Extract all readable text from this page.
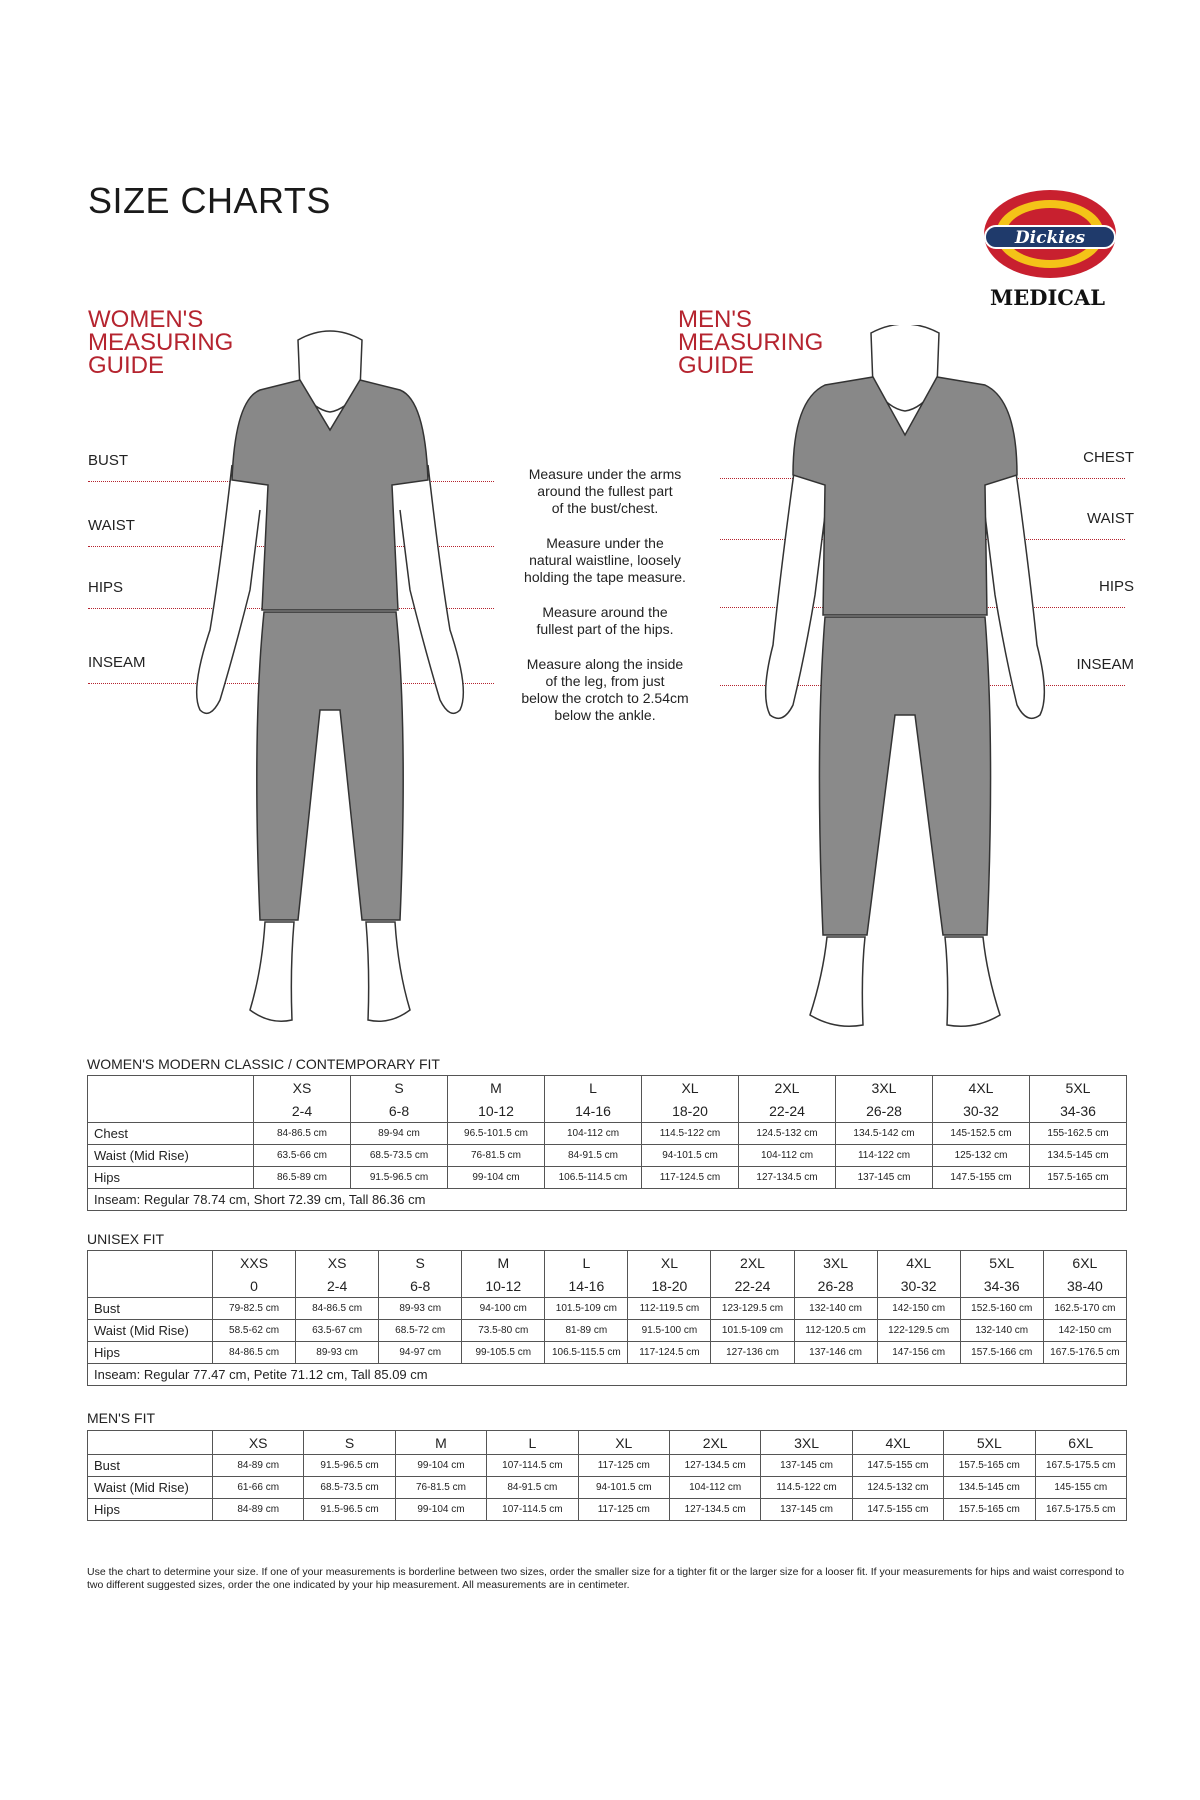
SIZE CHARTS
Dickies
MEDICAL
WOMEN'S
MEASURING
GUIDE
MEN'S
MEASURING
GUIDE
BUST
WAIST
HIPS
INSEAM
CHEST
WAIST
HIPS
INSEAM
Measure under the arms
around the fullest part
of the bust/chest.
Measure under the
natural waistline, loosely
holding the tape measure.
Measure around the
fullest part of the hips.
Measure along the inside
of the leg, from just
below the crotch to 2.54cm
below the ankle.
WOMEN'S MODERN CLASSIC / CONTEMPORARY FIT
	XS	S	M	L	XL	2XL	3XL	4XL	5XL
	2-4	6-8	10-12	14-16	18-20	22-24	26-28	30-32	34-36
Chest	84-86.5 cm	89-94 cm	96.5-101.5 cm	104-112 cm	114.5-122 cm	124.5-132 cm	134.5-142 cm	145-152.5 cm	155-162.5 cm
Waist (Mid Rise)	63.5-66 cm	68.5-73.5 cm	76-81.5 cm	84-91.5 cm	94-101.5 cm	104-112 cm	114-122 cm	125-132 cm	134.5-145 cm
Hips	86.5-89 cm	91.5-96.5 cm	99-104 cm	106.5-114.5 cm	117-124.5 cm	127-134.5 cm	137-145 cm	147.5-155 cm	157.5-165 cm
Inseam: Regular 78.74 cm, Short 72.39 cm, Tall 86.36 cm									
UNISEX FIT
	XXS	XS	S	M	L	XL	2XL	3XL	4XL	5XL	6XL
	0	2-4	6-8	10-12	14-16	18-20	22-24	26-28	30-32	34-36	38-40
Bust	79-82.5 cm	84-86.5 cm	89-93 cm	94-100 cm	101.5-109 cm	112-119.5 cm	123-129.5 cm	132-140 cm	142-150 cm	152.5-160 cm	162.5-170 cm
Waist (Mid Rise)	58.5-62 cm	63.5-67 cm	68.5-72 cm	73.5-80 cm	81-89 cm	91.5-100 cm	101.5-109 cm	112-120.5 cm	122-129.5 cm	132-140 cm	142-150 cm
Hips	84-86.5 cm	89-93 cm	94-97 cm	99-105.5 cm	106.5-115.5 cm	117-124.5 cm	127-136 cm	137-146 cm	147-156 cm	157.5-166 cm	167.5-176.5 cm
Inseam: Regular 77.47 cm, Petite 71.12 cm, Tall 85.09 cm											
MEN'S FIT
	XS	S	M	L	XL	2XL	3XL	4XL	5XL	6XL
Bust	84-89 cm	91.5-96.5 cm	99-104 cm	107-114.5 cm	117-125 cm	127-134.5 cm	137-145 cm	147.5-155 cm	157.5-165 cm	167.5-175.5 cm
Waist (Mid Rise)	61-66 cm	68.5-73.5 cm	76-81.5 cm	84-91.5 cm	94-101.5 cm	104-112 cm	114.5-122 cm	124.5-132 cm	134.5-145 cm	145-155 cm
Hips	84-89 cm	91.5-96.5 cm	99-104 cm	107-114.5 cm	117-125 cm	127-134.5 cm	137-145 cm	147.5-155 cm	157.5-165 cm	167.5-175.5 cm
Use the chart to determine your size. If one of your measurements is borderline between two sizes, order the smaller size for a tighter fit or the larger size for a looser fit. If your measurements for hips and waist correspond to two different suggested sizes, order the one indicated by your hip measurement. All measurements are in centimeter.
